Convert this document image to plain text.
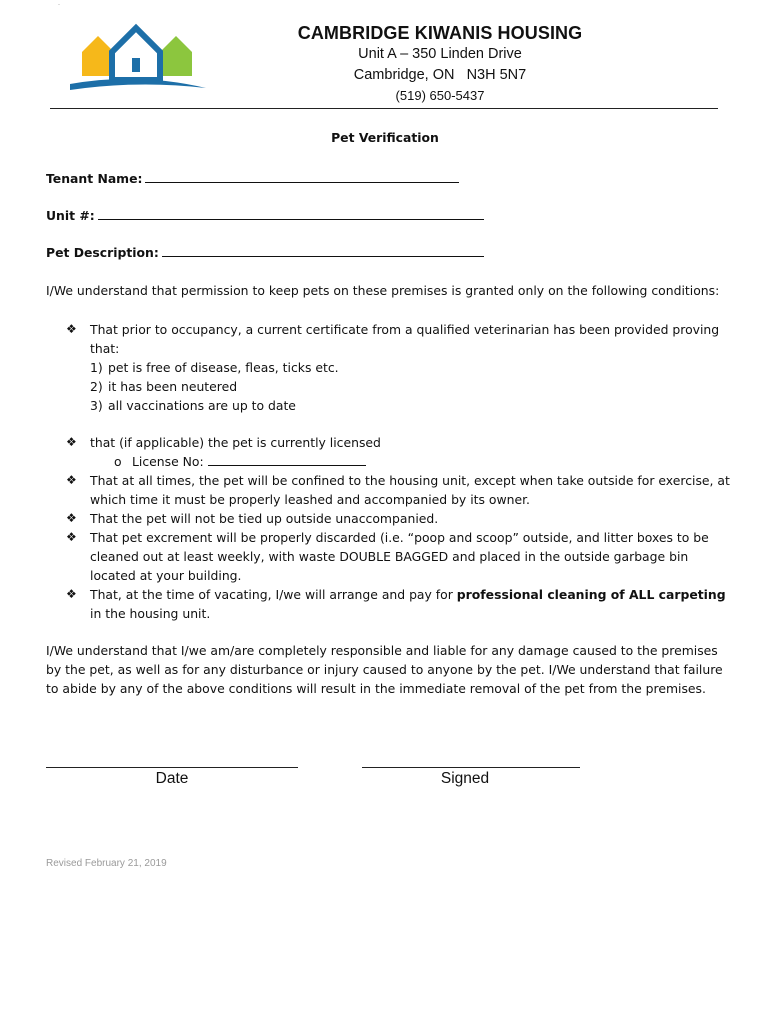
-
CAMBRIDGE KIWANIS HOUSING
Unit A – 350 Linden Drive
Cambridge, ON   N3H 5N7
(519) 650-5437
Pet Verification
Tenant Name:
Unit #:
Pet Description:
I/We understand that permission to keep pets on these premises is granted only on the following conditions:
❖ That prior to occupancy, a current certificate from a qualified veterinarian has been provided proving that:
1) pet is free of disease, fleas, ticks etc.
2) it has been neutered
3) all vaccinations are up to date
❖ that (if applicable) the pet is currently licensed
o License No:
❖ That at all times, the pet will be confined to the housing unit, except when take outside for exercise, at which time it must be properly leashed and accompanied by its owner.
❖ That the pet will not be tied up outside unaccompanied.
❖ That pet excrement will be properly discarded (i.e. “poop and scoop” outside, and litter boxes to be cleaned out at least weekly, with waste DOUBLE BAGGED and placed in the outside garbage bin located at your building.
❖ That, at the time of vacating, I/we will arrange and pay for professional cleaning of ALL carpeting in the housing unit.
I/We understand that I/we am/are completely responsible and liable for any damage caused to the premises by the pet, as well as for any disturbance or injury caused to anyone by the pet. I/We understand that failure to abide by any of the above conditions will result in the immediate removal of the pet from the premises.
Date	Signed
Revised February 21, 2019
